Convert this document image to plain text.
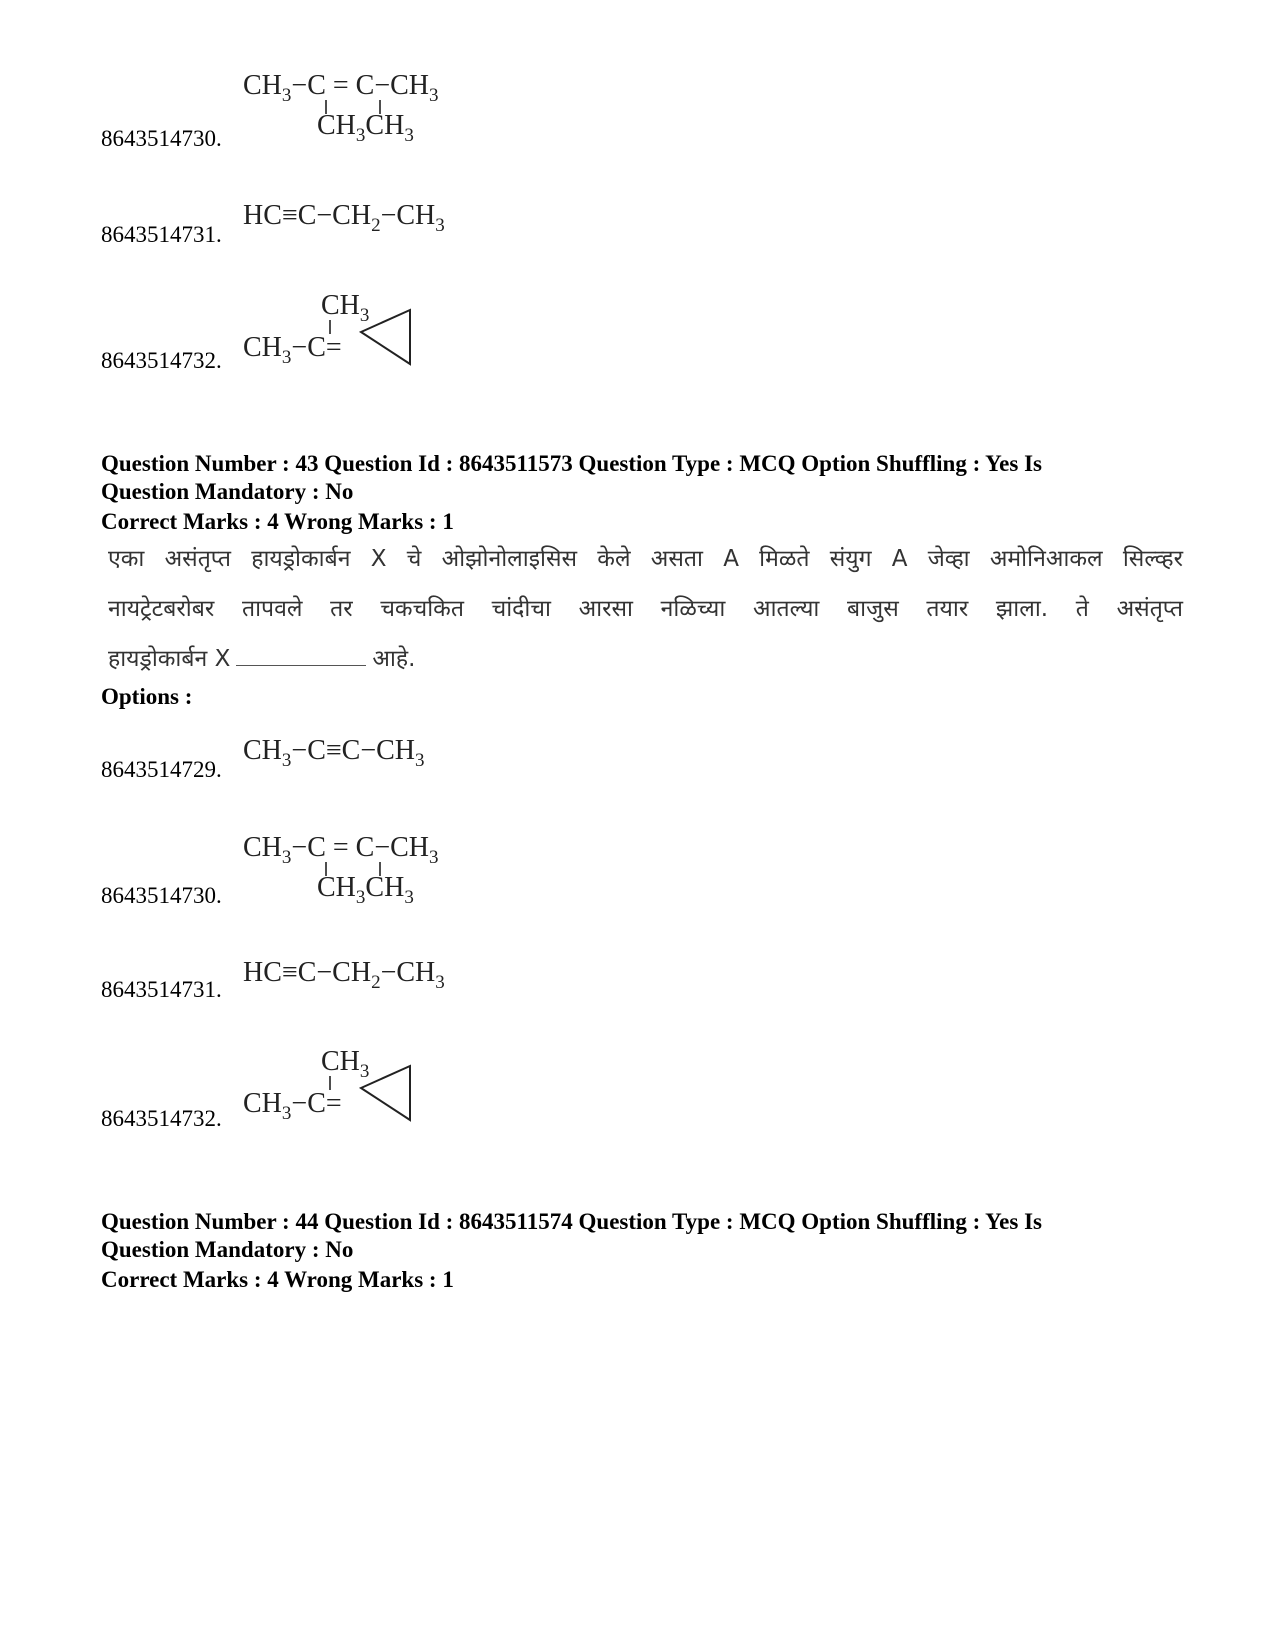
$CH_3-C = C-CH_3$
$CH_3CH_3$
8643514730.
$HC\equiv C-CH_2-CH_3$
8643514731.
$CH_3$
$CH_3-C=$
8643514732.
Question Number : 43 Question Id : 8643511573 Question Type : MCQ Option Shuffling : Yes Is
Question Mandatory : No
Correct Marks : 4 Wrong Marks : 1
एका असंतृप्त हायड्रोकार्बन X चे ओझोनोलाइसिस केले असता A मिळते संयुग A जेव्हा अमोनिआकल सिल्व्हर
नायट्रेटबरोबर तापवले तर चकचकित चांदीचा आरसा नळिच्या आतल्या बाजुस तयार झाला. ते असंतृप्त
हायड्रोकार्बन X	आहे.
Options :
$CH_3-C\equiv C-CH_3$
8643514729.
$CH_3-C = C-CH_3$
$CH_3CH_3$
8643514730.
$HC\equiv C-CH_2-CH_3$
8643514731.
$CH_3$
$CH_3-C=$
8643514732.
Question Number : 44 Question Id : 8643511574 Question Type : MCQ Option Shuffling : Yes Is
Question Mandatory : No
Correct Marks : 4 Wrong Marks : 1
